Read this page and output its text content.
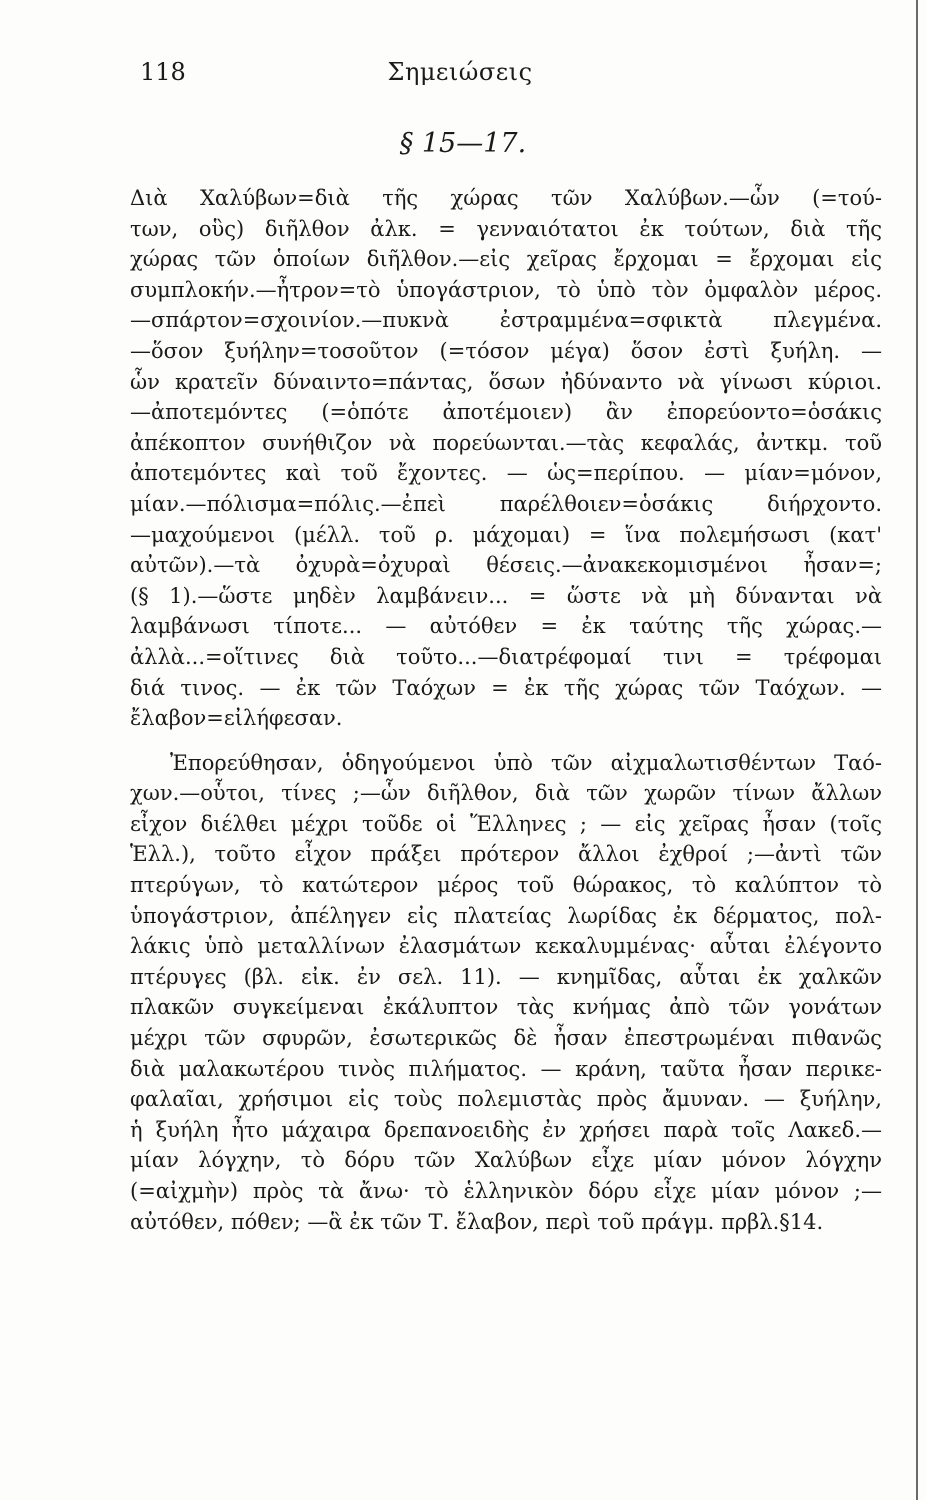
118	Σημειώσεις
§ 15—17.
Διὰ Χαλύβων=διὰ τῆς χώρας τῶν Χαλύβων.—ὧν (=τού-
των, οὓς) διῆλθον ἀλκ. = γενναιότατοι ἐκ τούτων, διὰ τῆς
χώρας τῶν ὁποίων διῆλθον.—εἰς χεῖρας ἔρχομαι = ἔρχομαι εἰς
συμπλοκήν.—ἦτρον=τὸ ὑπογάστριον, τὸ ὑπὸ τὸν ὀμφαλὸν μέρος.
—σπάρτον=σχοινίον.—πυκνὰ ἐστραμμένα=σφικτὰ πλεγμένα.
—ὅσον ξυήλην=τοσοῦτον (=τόσον μέγα) ὅσον ἐστὶ ξυήλη. —
ὧν κρατεῖν δύναιντο=πάντας, ὅσων ἠδύναντο νὰ γίνωσι κύριοι.
—ἀποτεμόντες (=ὁπότε ἀποτέμοιεν) ἂν ἐπορεύοντο=ὁσάκις
ἀπέκοπτον συνήθιζον νὰ πορεύωνται.—τὰς κεφαλάς, ἀντκμ. τοῦ
ἀποτεμόντες καὶ τοῦ ἔχοντες. — ὡς=περίπου. — μίαν=μόνον,
μίαν.—πόλισμα=πόλις.—ἐπεὶ παρέλθοιεν=ὁσάκις διήρχοντο.
—μαχούμενοι (μέλλ. τοῦ ρ. μάχομαι) = ἵνα πολεμήσωσι (κατ'
αὐτῶν).—τὰ ὀχυρὰ=ὀχυραὶ θέσεις.—ἀνακεκομισμένοι ἦσαν=;
(§ 1).—ὥστε μηδὲν λαμβάνειν... = ὥστε νὰ μὴ δύνανται νὰ
λαμβάνωσι τίποτε... — αὐτόθεν = ἐκ ταύτης τῆς χώρας.—
ἀλλὰ...=οἵτινες διὰ τοῦτο...—διατρέφομαί τινι = τρέφομαι
διά τινος. — ἐκ τῶν Ταόχων = ἐκ τῆς χώρας τῶν Ταόχων. —
ἔλαβον=εἰλήφεσαν.
Ἐπορεύθησαν, ὁδηγούμενοι ὑπὸ τῶν αἰχμαλωτισθέντων Ταό-
χων.—οὗτοι, τίνες ;—ὧν διῆλθον, διὰ τῶν χωρῶν τίνων ἄλλων
εἶχον διέλθει μέχρι τοῦδε οἱ Ἕλληνες ; — εἰς χεῖρας ἦσαν (τοῖς
Ἑλλ.), τοῦτο εἶχον πράξει πρότερον ἄλλοι ἐχθροί ;—ἀντὶ τῶν
πτερύγων, τὸ κατώτερον μέρος τοῦ θώρακος, τὸ καλύπτον τὸ
ὑπογάστριον, ἀπέληγεν εἰς πλατείας λωρίδας ἐκ δέρματος, πολ-
λάκις ὑπὸ μεταλλίνων ἐλασμάτων κεκαλυμμένας· αὗται ἐλέγοντο
πτέρυγες (βλ. εἰκ. ἐν σελ. 11). — κνημῖδας, αὗται ἐκ χαλκῶν
πλακῶν συγκείμεναι ἐκάλυπτον τὰς κνήμας ἀπὸ τῶν γονάτων
μέχρι τῶν σφυρῶν, ἐσωτερικῶς δὲ ἦσαν ἐπεστρωμέναι πιθανῶς
διὰ μαλακωτέρου τινὸς πιλήματος. — κράνη, ταῦτα ἦσαν περικε-
φαλαῖαι, χρήσιμοι εἰς τοὺς πολεμιστὰς πρὸς ἄμυναν. — ξυήλην,
ἡ ξυήλη ἦτο μάχαιρα δρεπανοειδὴς ἐν χρήσει παρὰ τοῖς Λακεδ.—
μίαν λόγχην, τὸ δόρυ τῶν Χαλύβων εἶχε μίαν μόνον λόγχην
(=αἰχμὴν) πρὸς τὰ ἄνω· τὸ ἑλληνικὸν δόρυ εἶχε μίαν μόνον ;—
αὐτόθεν, πόθεν; —ἃ ἐκ τῶν Τ. ἔλαβον, περὶ τοῦ πράγμ. πρβλ.§14.
